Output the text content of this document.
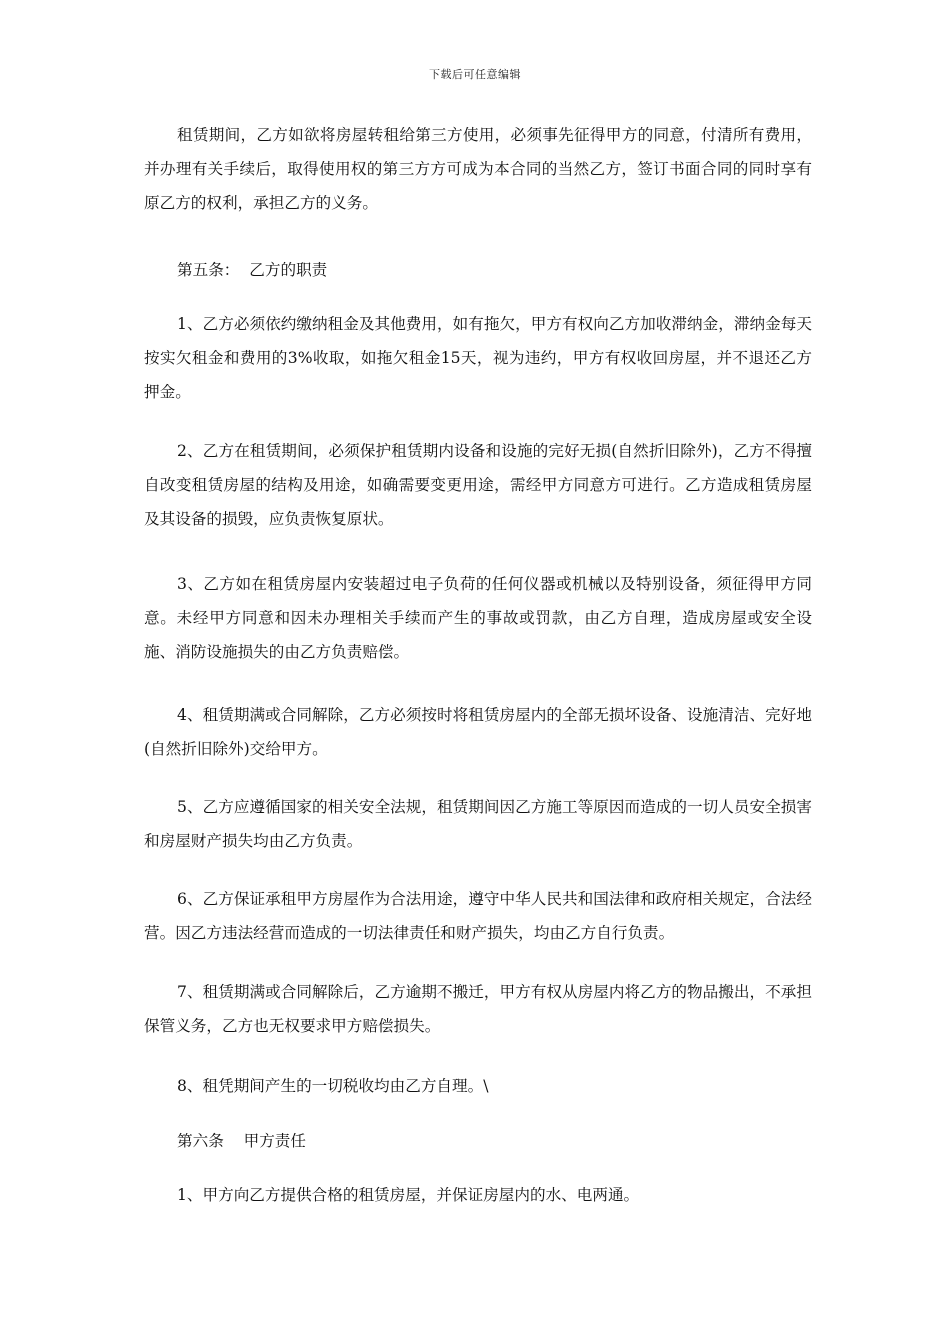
下载后可任意编辑

租赁期间，乙方如欲将房屋转租给第三方使用，必须事先征得甲方的同意，付清所有费用，并办理有关手续后，取得使用权的第三方方可成为本合同的当然乙方，签订书面合同的同时享有原乙方的权利，承担乙方的义务。

第五条：  乙方的职责

1、乙方必须依约缴纳租金及其他费用，如有拖欠，甲方有权向乙方加收滞纳金，滞纳金每天按实欠租金和费用的3%收取，如拖欠租金15天，视为违约，甲方有权收回房屋，并不退还乙方押金。

2、乙方在租赁期间，必须保护租赁期内设备和设施的完好无损(自然折旧除外)，乙方不得擅自改变租赁房屋的结构及用途，如确需要变更用途，需经甲方同意方可进行。乙方造成租赁房屋及其设备的损毁，应负责恢复原状。

3、乙方如在租赁房屋内安装超过电子负荷的任何仪器或机械以及特别设备，须征得甲方同意。未经甲方同意和因未办理相关手续而产生的事故或罚款，由乙方自理，造成房屋或安全设施、消防设施损失的由乙方负责赔偿。

4、租赁期满或合同解除，乙方必须按时将租赁房屋内的全部无损坏设备、设施清洁、完好地(自然折旧除外)交给甲方。

5、乙方应遵循国家的相关安全法规，租赁期间因乙方施工等原因而造成的一切人员安全损害和房屋财产损失均由乙方负责。

6、乙方保证承租甲方房屋作为合法用途，遵守中华人民共和国法律和政府相关规定，合法经营。因乙方违法经营而造成的一切法律责任和财产损失，均由乙方自行负责。

7、租赁期满或合同解除后，乙方逾期不搬迁，甲方有权从房屋内将乙方的物品搬出，不承担保管义务，乙方也无权要求甲方赔偿损失。

8、租凭期间产生的一切税收均由乙方自理。\

第六条    甲方责任

1、甲方向乙方提供合格的租赁房屋，并保证房屋内的水、电两通。
